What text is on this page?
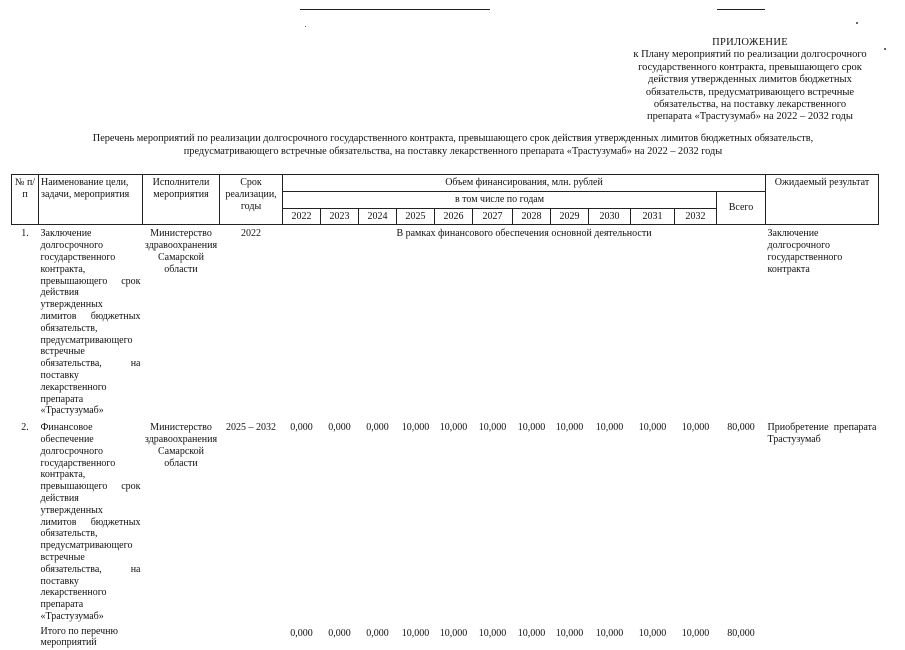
ПРИЛОЖЕНИЕ
к Плану мероприятий по реализации долгосрочного
государственного контракта, превышающего срок
действия утвержденных лимитов бюджетных
обязательств, предусматривающего встречные
обязательства, на поставку лекарственного
препарата «Трастузумаб» на 2022 – 2032 годы
Перечень мероприятий по реализации долгосрочного государственного контракта, превышающего срок действия утвержденных лимитов бюджетных обязательств,
предусматривающего встречные обязательства, на поставку лекарственного препарата «Трастузумаб» на 2022 – 2032 годы
№ п/п	Наименование цели, задачи, мероприятия	Исполнители мероприятия	Срок реализации, годы	Объем финансирования, млн. рублей												Ожидаемый результат
				в том числе по годам											Всего	
				2022	2023	2024	2025	2026	2027	2028	2029	2030	2031	2032		
1.	Заключение долгосрочного государственного контракта, превышающего срок действия утвержденных лимитов бюджетных обязательств, предусматривающего встречные обязательства, на поставку лекарственного препарата «Трастузумаб»	Министерство здравоохранения Самарской области	2022	В рамках финансового обеспечения основной деятельности												Заключение долгосрочного государственного контракта
2.	Финансовое обеспечение долгосрочного государственного контракта, превышающего срок действия утвержденных лимитов бюджетных обязательств, предусматривающего встречные обязательства, на поставку лекарственного препарата «Трастузумаб»	Министерство здравоохранения Самарской области	2025 – 2032	0,000	0,000	0,000	10,000	10,000	10,000	10,000	10,000	10,000	10,000	10,000	80,000	Приобретение препарата Трастузумаб
	Итого по перечню мероприятий			0,000	0,000	0,000	10,000	10,000	10,000	10,000	10,000	10,000	10,000	10,000	80,000	
